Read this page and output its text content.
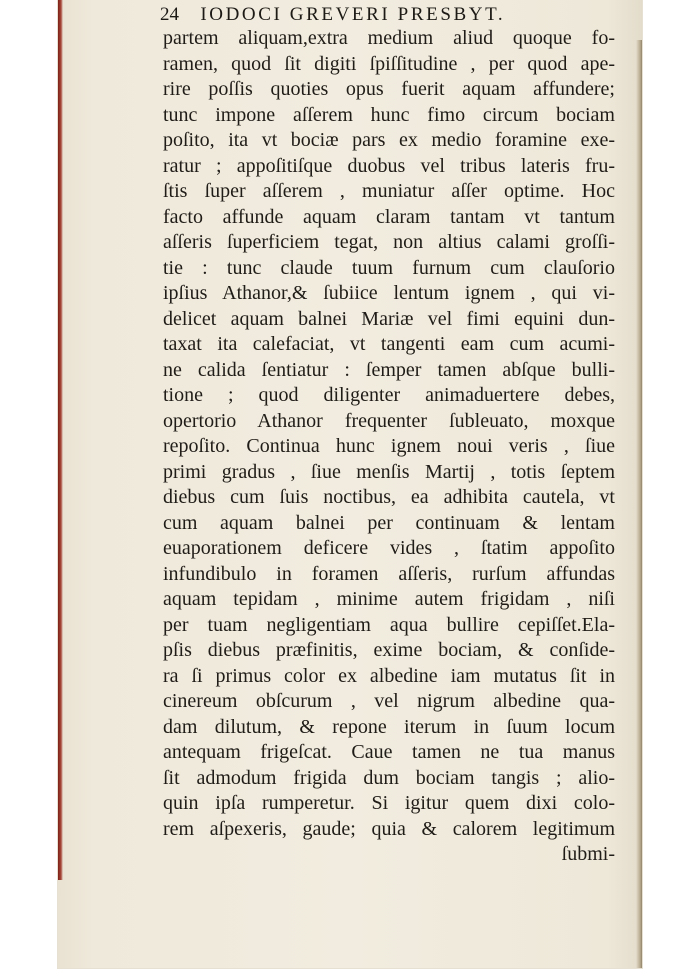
24 IODOCI GREVERI PRESBYT.
partem aliquam,extra medium aliud quoque fo-
ramen, quod ſit digiti ſpiſſitudine , per quod ape-
rire poſſis quoties opus fuerit aquam affundere;
tunc impone aſſerem hunc fimo circum bociam
poſito, ita vt bociæ pars ex medio foramine exe-
ratur ; appoſitiſque duobus vel tribus lateris fru-
ſtis ſuper aſſerem , muniatur aſſer optime. Hoc
facto affunde aquam claram tantam vt tantum
aſſeris ſuperficiem tegat, non altius calami groſſi-
tie : tunc claude tuum furnum cum clauſorio
ipſius Athanor,& ſubiice lentum ignem , qui vi-
delicet aquam balnei Mariæ vel fimi equini dun-
taxat ita calefaciat, vt tangenti eam cum acumi-
ne calida ſentiatur : ſemper tamen abſque bulli-
tione ; quod diligenter animaduertere debes,
opertorio Athanor frequenter ſubleuato, moxque
repoſito. Continua hunc ignem noui veris , ſiue
primi gradus , ſiue menſis Martij , totis ſeptem
diebus cum ſuis noctibus, ea adhibita cautela, vt
cum aquam balnei per continuam & lentam
euaporationem deficere vides , ſtatim appoſito
infundibulo in foramen aſſeris, rurſum affundas
aquam tepidam , minime autem frigidam , niſi
per tuam negligentiam aqua bullire cepiſſet.Ela-
pſis diebus præfinitis, exime bociam, & conſide-
ra ſi primus color ex albedine iam mutatus ſit in
cinereum obſcurum , vel nigrum albedine qua-
dam dilutum, & repone iterum in ſuum locum
antequam frigeſcat. Caue tamen ne tua manus
ſit admodum frigida dum bociam tangis ; alio-
quin ipſa rumperetur. Si igitur quem dixi colo-
rem aſpexeris, gaude; quia & calorem legitimum
ſubmi-
